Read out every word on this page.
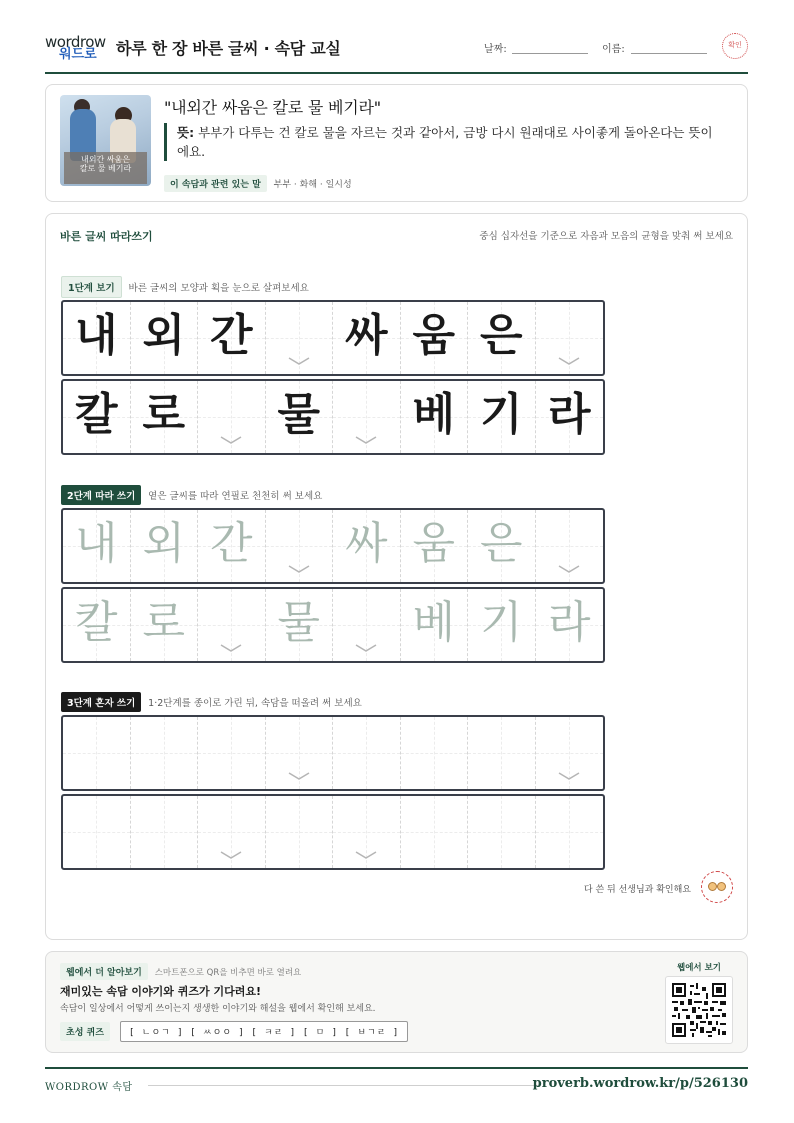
wordrow
워드로 하루 한 장 바른 글씨 · 속담 교실	날짜:	이름:	확인
내외간 싸움은
칼로 물 베기라
"내외간 싸움은 칼로 물 베기라"
뜻: 부부가 다투는 건 칼로 물을 자르는 것과 같아서, 금방 다시 원래대로 사이좋게 돌아온다는 뜻이에요.
이 속담과 관련 있는 말 부부 · 화해 · 일시성
바른 글씨 따라쓰기	중심 십자선을 기준으로 자음과 모음의 균형을 맞춰 써 보세요
1단계 보기 바른 글씨의 모양과 획을 눈으로 살펴보세요
내 외 간 싸 움 은
칼 로 물 베 기 라
2단계 따라 쓰기 옅은 글씨를 따라 연필로 천천히 써 보세요
내 외 간 싸 움 은
칼 로 물 베 기 라
3단계 혼자 쓰기 1·2단계를 종이로 가린 뒤, 속담을 떠올려 써 보세요
다 쓴 뒤 선생님과 확인해요
웹에서 더 알아보기 스마트폰으로 QR을 비추면 바로 열려요
재미있는 속담 이야기와 퀴즈가 기다려요!
속담이 일상에서 어떻게 쓰이는지 생생한 이야기와 해설을 웹에서 확인해 보세요.
초성 퀴즈	[ ㄴㅇㄱ ] [ ㅆㅇㅇ ] [ ㅋㄹ ] [ ㅁ ] [ ㅂㄱㄹ ]
웹에서 보기
WORDROW 속담	proverb.wordrow.kr/p/526130
